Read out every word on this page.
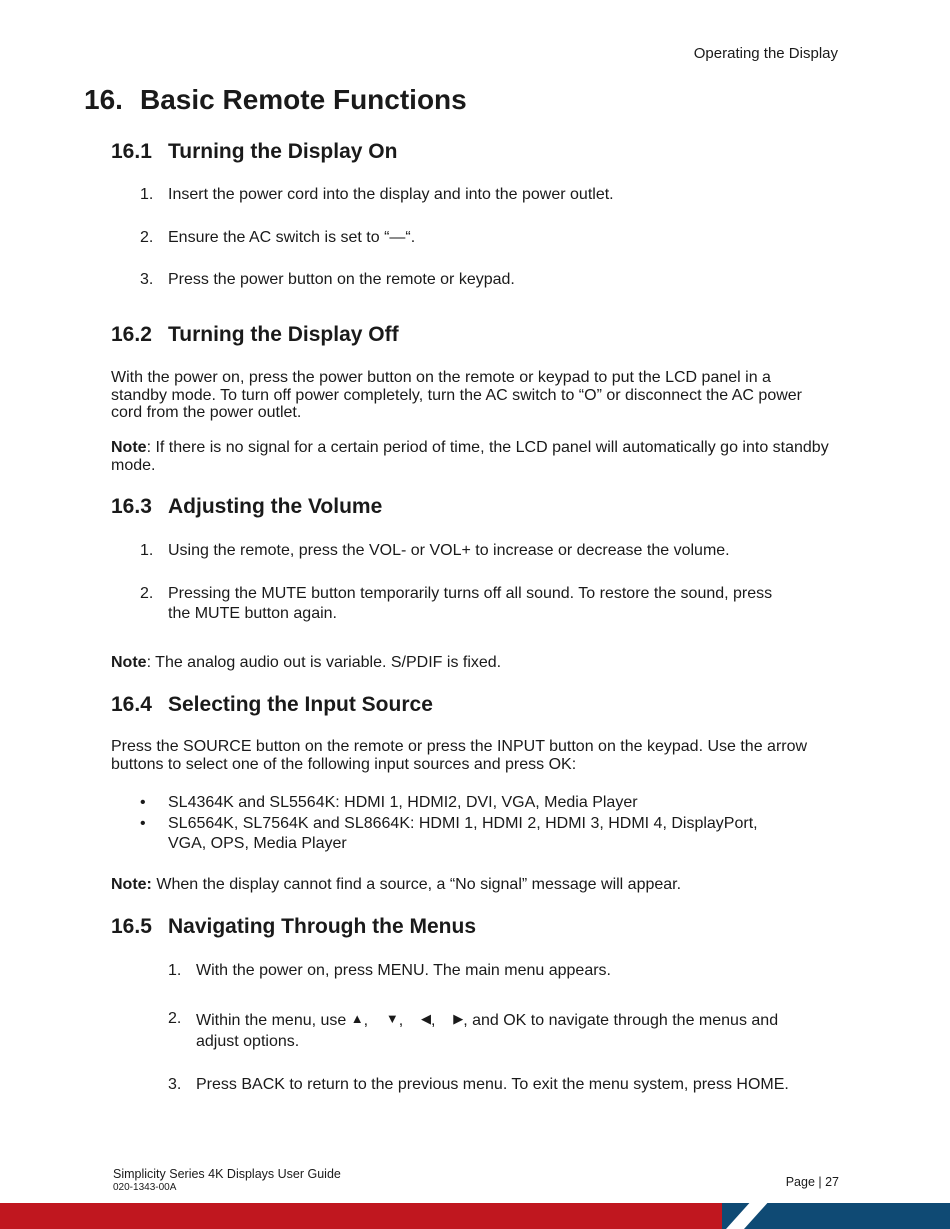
Operating the Display
16. Basic Remote Functions
16.1 Turning the Display On
1. Insert the power cord into the display and into the power outlet.
2. Ensure the AC switch is set to “—“.
3. Press the power button on the remote or keypad.
16.2 Turning the Display Off
With the power on, press the power button on the remote or keypad to put the LCD panel in a standby mode. To turn off power completely, turn the AC switch to “O” or disconnect the AC power cord from the power outlet.
Note: If there is no signal for a certain period of time, the LCD panel will automatically go into standby mode.
16.3 Adjusting the Volume
1. Using the remote, press the VOL- or VOL+ to increase or decrease the volume.
2. Pressing the MUTE button temporarily turns off all sound. To restore the sound, press
the MUTE button again.
Note: The analog audio out is variable. S/PDIF is fixed.
16.4 Selecting the Input Source
Press the SOURCE button on the remote or press the INPUT button on the keypad. Use the arrow buttons to select one of the following input sources and press OK:
• SL4364K and SL5564K: HDMI 1, HDMI2, DVI, VGA, Media Player
• SL6564K, SL7564K and SL8664K: HDMI 1, HDMI 2, HDMI 3, HDMI 4, DisplayPort,
VGA, OPS, Media Player
Note: When the display cannot find a source, a “No signal” message will appear.
16.5 Navigating Through the Menus
1. With the power on, press MENU. The main menu appears.
2. Within the menu, use ▲,    ▼,    ◀,    ▶, and OK to navigate through the menus and
adjust options.
3. Press BACK to return to the previous menu. To exit the menu system, press HOME.
Simplicity Series 4K Displays User Guide
020-1343-00A	Page | 27
